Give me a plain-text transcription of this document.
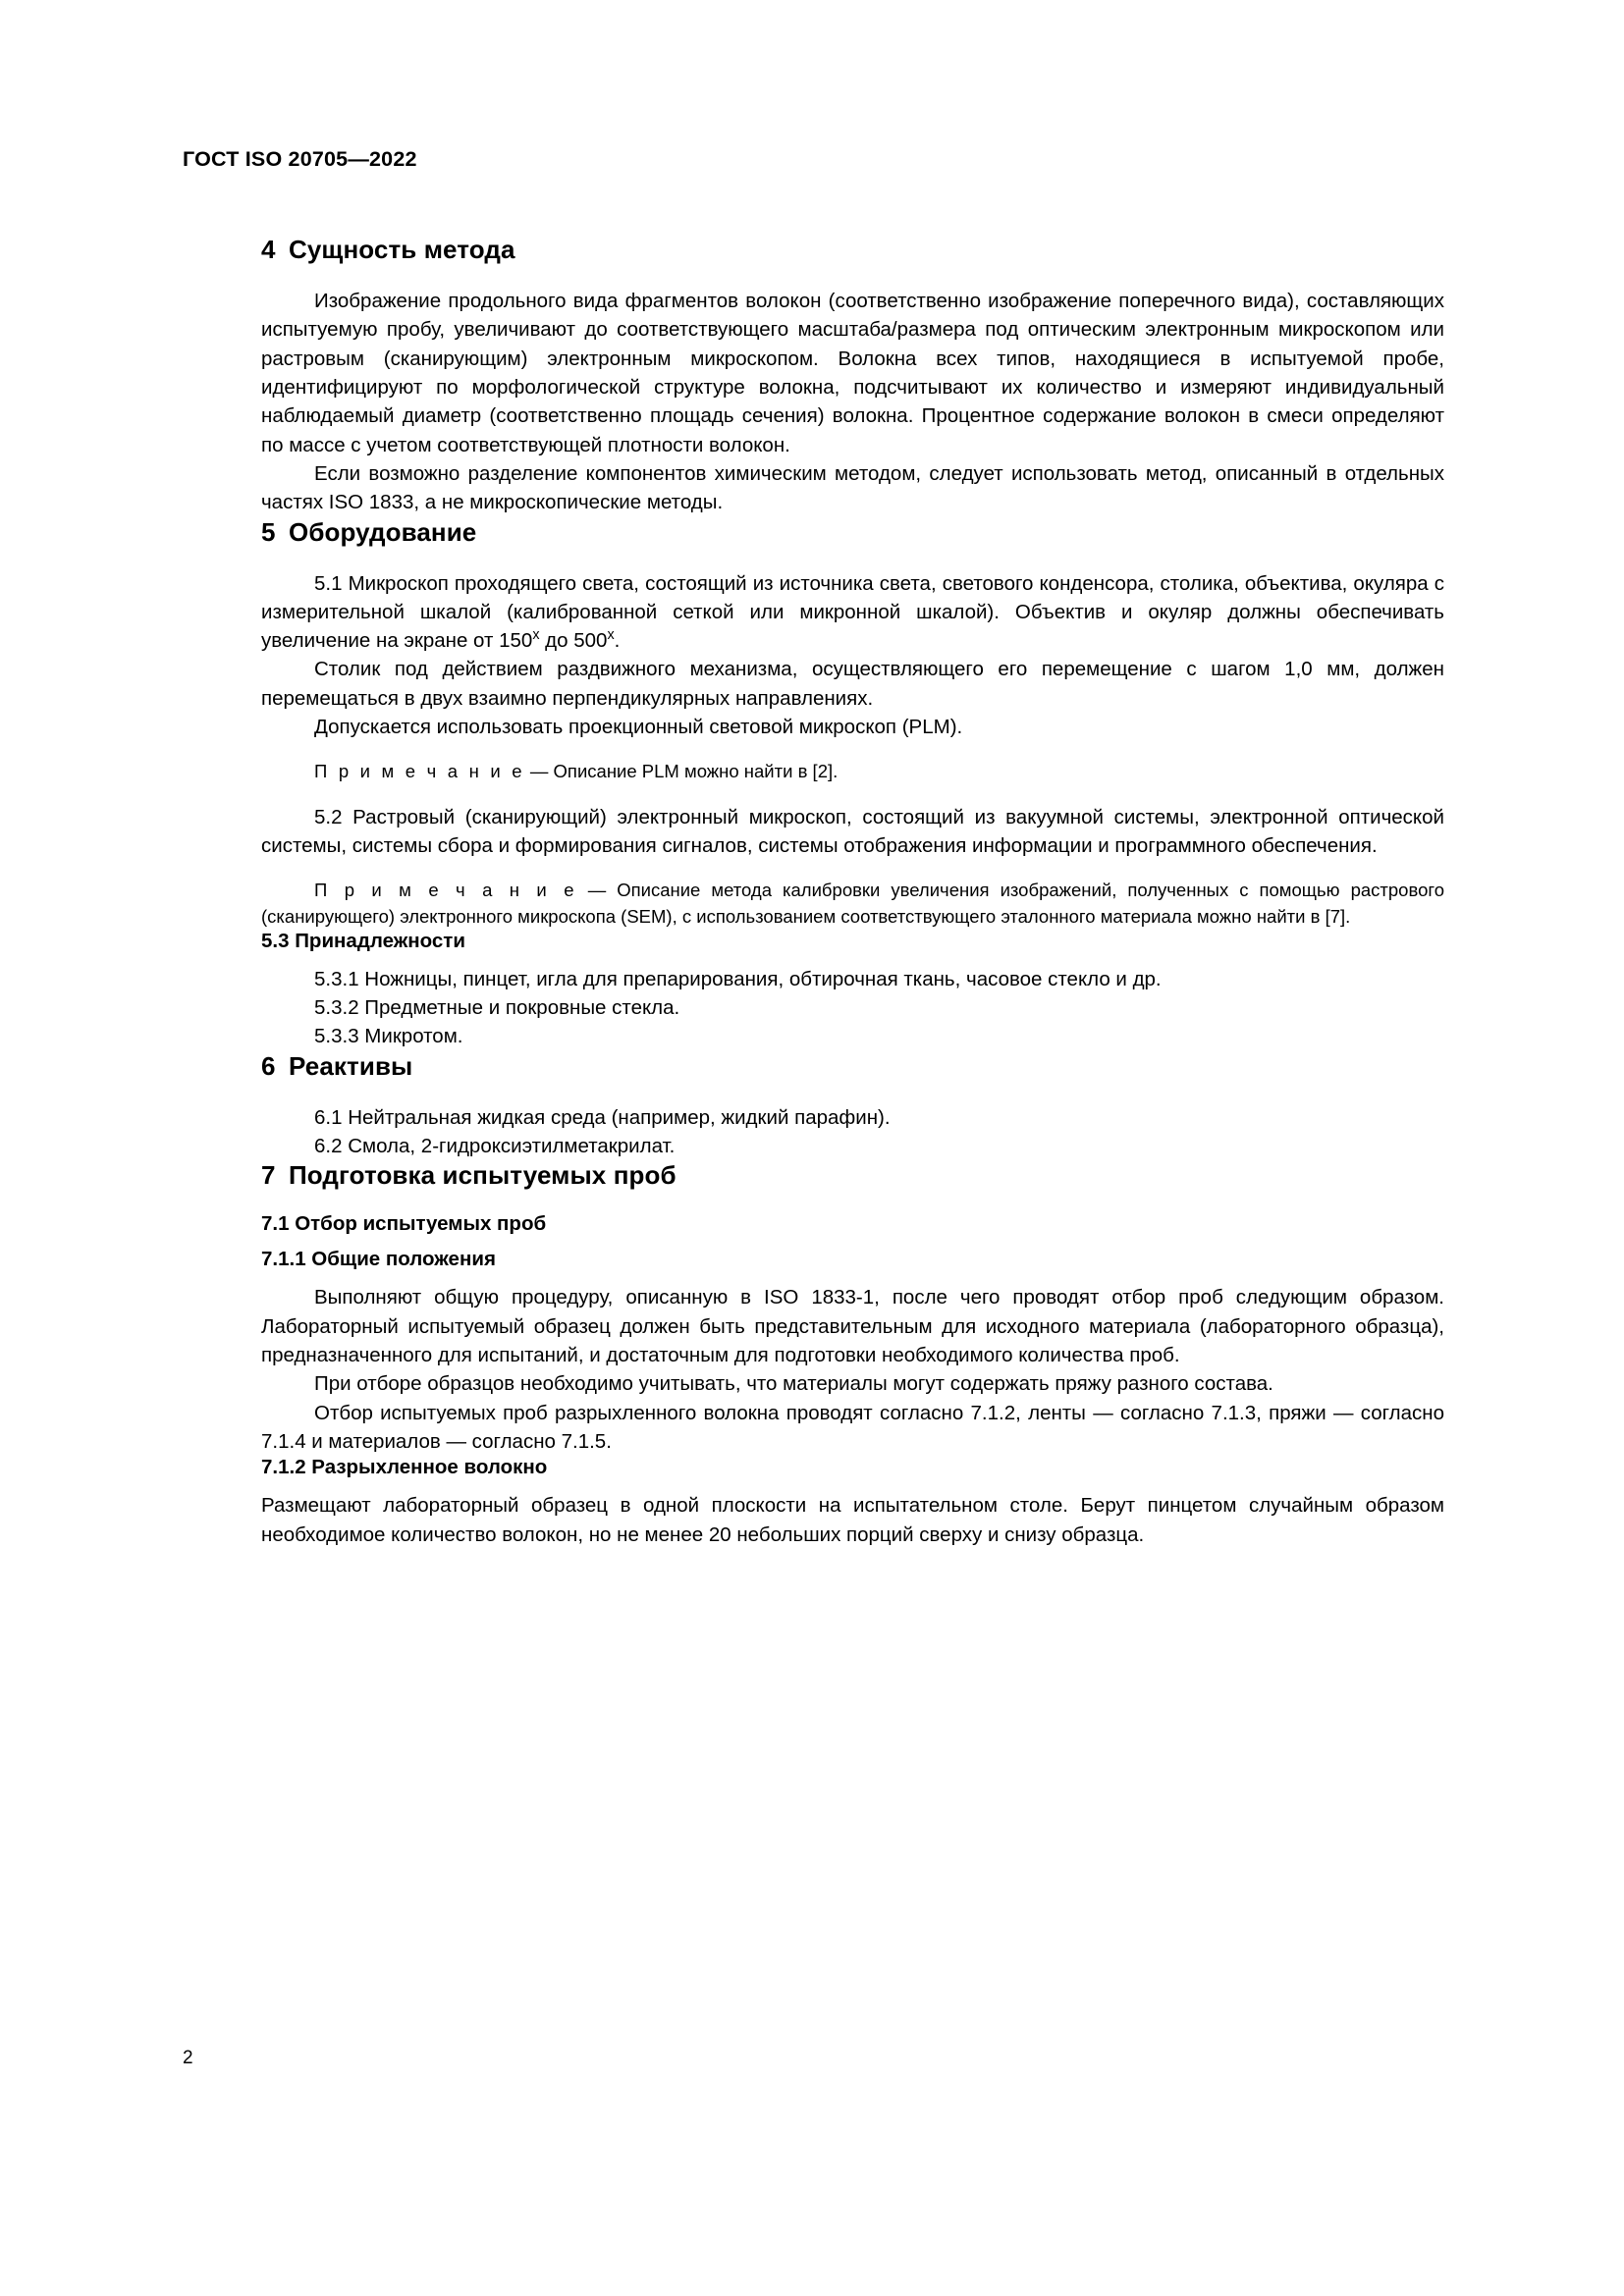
ГОСТ ISO 20705—2022
4 Сущность метода

Изображение продольного вида фрагментов волокон (соответственно изображение поперечного вида), составляющих испытуемую пробу, увеличивают до соответствующего масштаба/размера под оптическим электронным микроскопом или растровым (сканирующим) электронным микроскопом. Волокна всех типов, находящиеся в испытуемой пробе, идентифицируют по морфологической структуре волокна, подсчитывают их количество и измеряют индивидуальный наблюдаемый диаметр (соответственно площадь сечения) волокна. Процентное содержание волокон в смеси определяют по массе с учетом соответствующей плотности волокон.

Если возможно разделение компонентов химическим методом, следует использовать метод, описанный в отдельных частях ISO 1833, а не микроскопические методы.

5 Оборудование

5.1 Микроскоп проходящего света, состоящий из источника света, светового конденсора, столика, объектива, окуляра с измерительной шкалой (калиброванной сеткой или микронной шкалой). Объектив и окуляр должны обеспечивать увеличение на экране от 150$^x$ до 500$^x$.

Столик под действием раздвижного механизма, осуществляющего его перемещение с шагом 1,0 мм, должен перемещаться в двух взаимно перпендикулярных направлениях.

Допускается использовать проекционный световой микроскоп (PLM).

П р и м е ч а н и е — Описание PLM можно найти в [2].

5.2 Растровый (сканирующий) электронный микроскоп, состоящий из вакуумной системы, электронной оптической системы, системы сбора и формирования сигналов, системы отображения информации и программного обеспечения.

П р и м е ч а н и е — Описание метода калибровки увеличения изображений, полученных с помощью растрового (сканирующего) электронного микроскопа (SEM), с использованием соответствующего эталонного материала можно найти в [7].

5.3 Принадлежности

5.3.1 Ножницы, пинцет, игла для препарирования, обтирочная ткань, часовое стекло и др.

5.3.2 Предметные и покровные стекла.

5.3.3 Микротом.

6 Реактивы

6.1 Нейтральная жидкая среда (например, жидкий парафин).

6.2 Смола, 2-гидроксиэтилметакрилат.

7 Подготовка испытуемых проб
7.1 Отбор испытуемых проб
7.1.1 Общие положения

Выполняют общую процедуру, описанную в ISO 1833-1, после чего проводят отбор проб следующим образом. Лабораторный испытуемый образец должен быть представительным для исходного материала (лабораторного образца), предназначенного для испытаний, и достаточным для подготовки необходимого количества проб.

При отборе образцов необходимо учитывать, что материалы могут содержать пряжу разного состава.

Отбор испытуемых проб разрыхленного волокна проводят согласно 7.1.2, ленты — согласно 7.1.3, пряжи — согласно 7.1.4 и материалов — согласно 7.1.5.

7.1.2 Разрыхленное волокно

Размещают лабораторный образец в одной плоскости на испытательном столе. Берут пинцетом случайным образом необходимое количество волокон, но не менее 20 небольших порций сверху и снизу образца.

2
